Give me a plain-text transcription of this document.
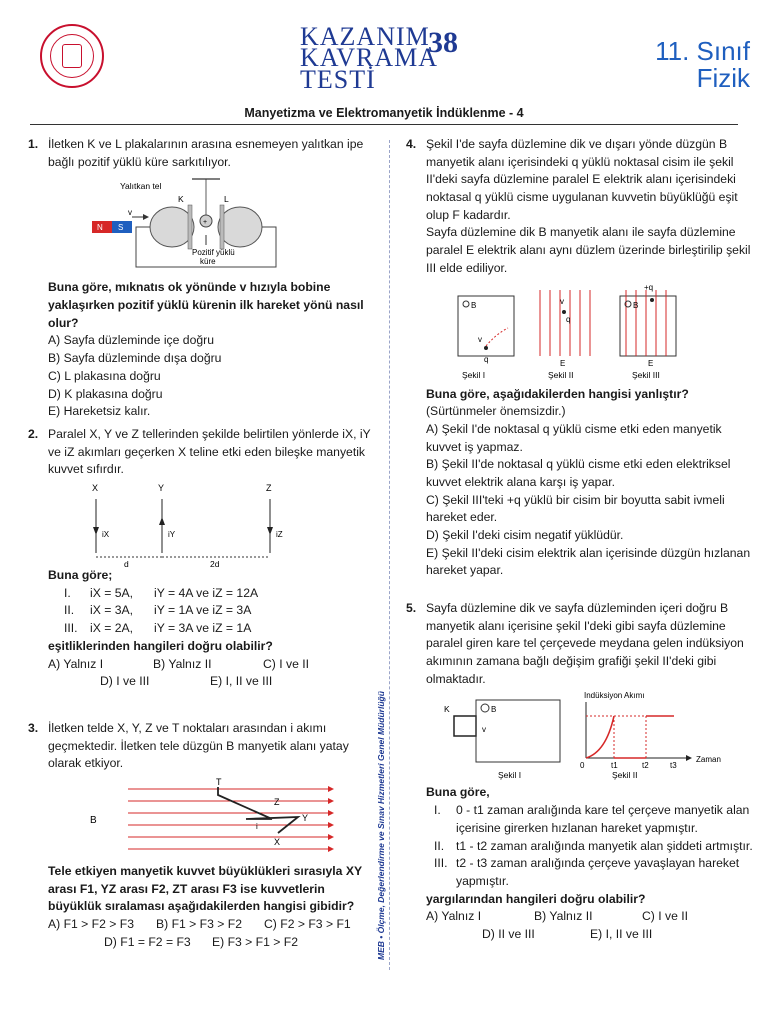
KAZANIM
KAVRAMA
TESTİ
38	11. Sınıf
Fizik
Manyetizma ve Elektromanyetik İndüklenme - 4
MEB • Ölçme, Değerlendirme ve Sınav Hizmetleri Genel Müdürlüğü
1. İletken K ve L plakalarının arasına esnemeyen yalıtkan ipe bağlı pozitif yüklü küre sarkıtılıyor.
Yalıtkan tel
K	L
+
N S
v
Pozitif yüklü
küre
Buna göre, mıknatıs ok yönünde v hızıyla bobine yaklaşırken pozitif yüklü kürenin ilk hareket yönü nasıl olur?
A) Sayfa düzleminde içe doğru
B) Sayfa düzleminde dışa doğru
C) L plakasına doğru
D) K plakasına doğru
E) Hareketsiz kalır.
2. Paralel X, Y ve Z tellerinden şekilde belirtilen yönlerde iX, iY ve iZ akımları geçerken X teline etki eden bileşke manyetik kuvvet sıfırdır.
X	Y	Z
iX	iY	iZ
d	2d
Buna göre;
I.	iX = 5A,	iY = 4A ve iZ = 12A
II.	iX = 3A,	iY = 1A ve iZ = 3A
III.	iX = 2A,	iY = 3A ve iZ = 1A
eşitliklerinden hangileri doğru olabilir?
A) Yalnız I	B) Yalnız II	C) I ve II
D) I ve III	E) I, II ve III
3. İletken telde X, Y, Z ve T noktaları arasından i akımı geçmektedir. İletken tele düzgün B manyetik alanı yatay olarak etkiyor.
B
T
Z
Y
X
i
Tele etkiyen manyetik kuvvet büyüklükleri sırasıyla XY arası F1, YZ arası F2, ZT arası F3 ise kuvvetlerin büyüklük sıralaması aşağıdakilerden hangisi gibidir?
A) F1 > F2 > F3	B) F1 > F3 > F2	C) F2 > F3 > F1
D) F1 = F2 = F3	E) F3 > F1 > F2
4. Şekil I'de sayfa düzlemine dik ve dışarı yönde düzgün B manyetik alanı içerisindeki q yüklü noktasal cisim ile şekil II'deki sayfa düzlemine paralel E elektrik alanı içerisindeki noktasal q yüklü cisme uygulanan kuvvetin büyüklüğü eşit olup F kadardır.
Sayfa düzlemine dik B manyetik alanı ile sayfa düzlemine paralel E elektrik alanı aynı düzlem üzerinde birleştirilip şekil III elde ediliyor.
B
v
q
Şekil I
v
q
E
Şekil II
B
+q
E
Şekil III
Buna göre, aşağıdakilerden hangisi yanlıştır?
(Sürtünmeler önemsizdir.)
A) Şekil I'de noktasal q yüklü cisme etki eden manyetik kuvvet iş yapmaz.
B) Şekil II'de noktasal q yüklü cisme etki eden elektriksel kuvvet elektrik alana karşı iş yapar.
C) Şekil III'teki +q yüklü bir cisim bir boyutta sabit ivmeli hareket eder.
D) Şekil I'deki cisim negatif yüklüdür.
E) Şekil II'deki cisim elektrik alan içerisinde düzgün hızlanan hareket yapar.
5. Sayfa düzlemine dik ve sayfa düzleminden içeri doğru B manyetik alanı içerisine şekil I'deki gibi sayfa düzlemine paralel giren kare tel çerçevede meydana gelen indüksiyon akımının zamana bağlı değişim grafiği şekil II'deki gibi olmaktadır.
K	B
v
Şekil I
İndüksiyon Akımı
Zaman
0	t1	t2	t3
Şekil II
Buna göre,
I.	0 - t1 zaman aralığında kare tel çerçeve manyetik alan içerisine girerken hızlanan hareket yapmıştır.
II. t1 - t2 zaman aralığında manyetik alan şiddeti artmıştır.
III. t2 - t3 zaman aralığında çerçeve yavaşlayan hareket yapmıştır.
yargılarından hangileri doğru olabilir?
A) Yalnız I	B) Yalnız II	C) I ve II
D) II ve III	E) I, II ve III
